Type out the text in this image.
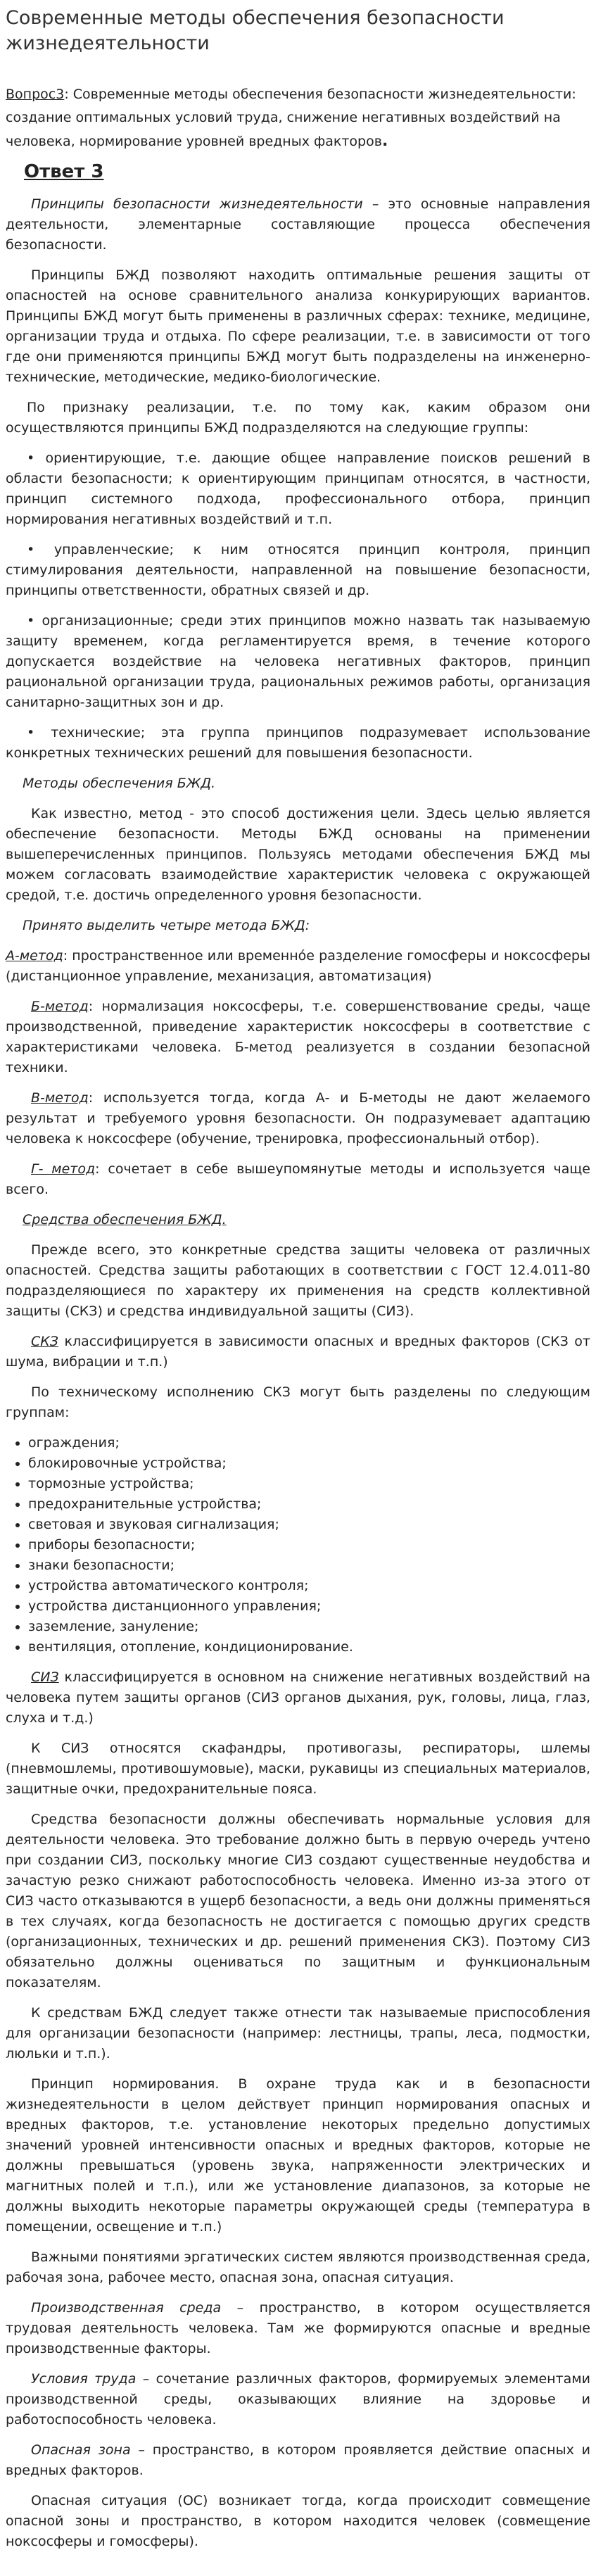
Современные методы обеспечения безопасности жизнедеятельности
Вопрос3: Современные методы обеспечения безопасности жизнедеятельности: создание оптимальных условий труда, снижение негативных воздействий на человека, нормирование уровней вредных факторов.
Ответ 3

Принципы безопасности жизнедеятельности – это основные направления деятельности, элементарные составляющие процесса обеспечения безопасности.

Принципы БЖД позволяют находить оптимальные решения защиты от опасностей на основе сравнительного анализа конкурирующих вариантов. Принципы БЖД могут быть применены в различных сферах: технике, медицине, организации труда и отдыха. По сфере реализации, т.е. в зависимости от того где они применяются принципы БЖД могут быть подразделены на инженерно-технические, методические, медико-биологические.

По признаку реализации, т.е. по тому как, каким образом они осуществляются принципы БЖД подразделяются на следующие группы:

• ориентирующие, т.е. дающие общее направление поисков решений в области безопасности; к ориентирующим принципам относятся, в частности, принцип системного подхода, профессионального отбора, принцип нормирования негативных воздействий и т.п.

• управленческие; к ним относятся принцип контроля, принцип стимулирования деятельности, направленной на повышение безопасности, принципы ответственности, обратных связей и др.

• организационные; среди этих принципов можно назвать так называемую защиту временем, когда регламентируется время, в течение которого допускается воздействие на человека негативных факторов, принцип рациональной организации труда, рациональных режимов работы, организация санитарно-защитных зон и др.

• технические; эта группа принципов подразумевает использование конкретных технических решений для повышения безопасности.

Методы обеспечения БЖД.

Как известно, метод - это способ достижения цели. Здесь целью является обеспечение безопасности. Методы БЖД основаны на применении вышеперечисленных принципов. Пользуясь методами обеспечения БЖД мы можем согласовать взаимодействие характеристик человека с окружающей средой, т.е. достичь определенного уровня безопасности.

Принято выделить четыре метода БЖД:

А-метод: пространственное или временнóе разделение гомосферы и ноксосферы (дистанционное управление, механизация, автоматизация)

Б-метод: нормализация ноксосферы, т.е. совершенствование среды, чаще производственной, приведение характеристик ноксосферы в соответствие с характеристиками человека. Б-метод реализуется в создании безопасной техники.

В-метод: используется тогда, когда А- и Б-методы не дают желаемого результат и требуемого уровня безопасности. Он подразумевает адаптацию человека к ноксосфере (обучение, тренировка, профессиональный отбор).

Г- метод: сочетает в себе вышеупомянутые методы и используется чаще всего.

Средства обеспечения БЖД.

Прежде всего, это конкретные средства защиты человека от различных опасностей. Средства защиты работающих в соответствии с ГОСТ 12.4.011-80 подразделяющиеся по характеру их применения на средств коллективной защиты (СКЗ) и средства индивидуальной защиты (СИЗ).

СКЗ классифицируется в зависимости опасных и вредных факторов (СКЗ от шума, вибрации и т.п.)

По техническому исполнению СКЗ могут быть разделены по следующим группам:

• ограждения;
• блокировочные устройства;
• тормозные устройства;
• предохранительные устройства;
• световая и звуковая сигнализация;
• приборы безопасности;
• знаки безопасности;
• устройства автоматического контроля;
• устройства дистанционного управления;
• заземление, зануление;
• вентиляция, отопление, кондиционирование.

СИЗ классифицируется в основном на снижение негативных воздействий на человека путем защиты органов (СИЗ органов дыхания, рук, головы, лица, глаз, слуха и т.д.)

К СИЗ относятся скафандры, противогазы, респираторы, шлемы (пневмошлемы, противошумовые), маски, рукавицы из специальных материалов, защитные очки, предохранительные пояса.

Средства безопасности должны обеспечивать нормальные условия для деятельности человека. Это требование должно быть в первую очередь учтено при создании СИЗ, поскольку многие СИЗ создают существенные неудобства и зачастую резко снижают работоспособность человека. Именно из-за этого от СИЗ часто отказываются в ущерб безопасности, а ведь они должны применяться в тех случаях, когда безопасность не достигается с помощью других средств (организационных, технических и др. решений применения СКЗ). Поэтому СИЗ обязательно должны оцениваться по защитным и функциональным показателям.

К средствам БЖД следует также отнести так называемые приспособления для организации безопасности (например: лестницы, трапы, леса, подмостки, люльки и т.п.).

Принцип нормирования. В охране труда как и в безопасности жизнедеятельности в целом действует принцип нормирования опасных и вредных факторов, т.е. установление некоторых предельно допустимых значений уровней интенсивности опасных и вредных факторов, которые не должны превышаться (уровень звука, напряженности электрических и магнитных полей и т.п.), или же установление диапазонов, за которые не должны выходить некоторые параметры окружающей среды (температура в помещении, освещение и т.п.)

Важными понятиями эргатических систем являются производственная среда, рабочая зона, рабочее место, опасная зона, опасная ситуация.

Производственная среда – пространство, в котором осуществляется трудовая деятельность человека. Там же формируются опасные и вредные производственные факторы.

Условия труда – сочетание различных факторов, формируемых элементами производственной среды, оказывающих влияние на здоровье и работоспособность человека.

Опасная зона – пространство, в котором проявляется действие опасных и вредных факторов.

Опасная ситуация (ОС) возникает тогда, когда происходит совмещение опасной зоны и пространство, в котором находится человек (совмещение ноксосферы и гомосферы).
